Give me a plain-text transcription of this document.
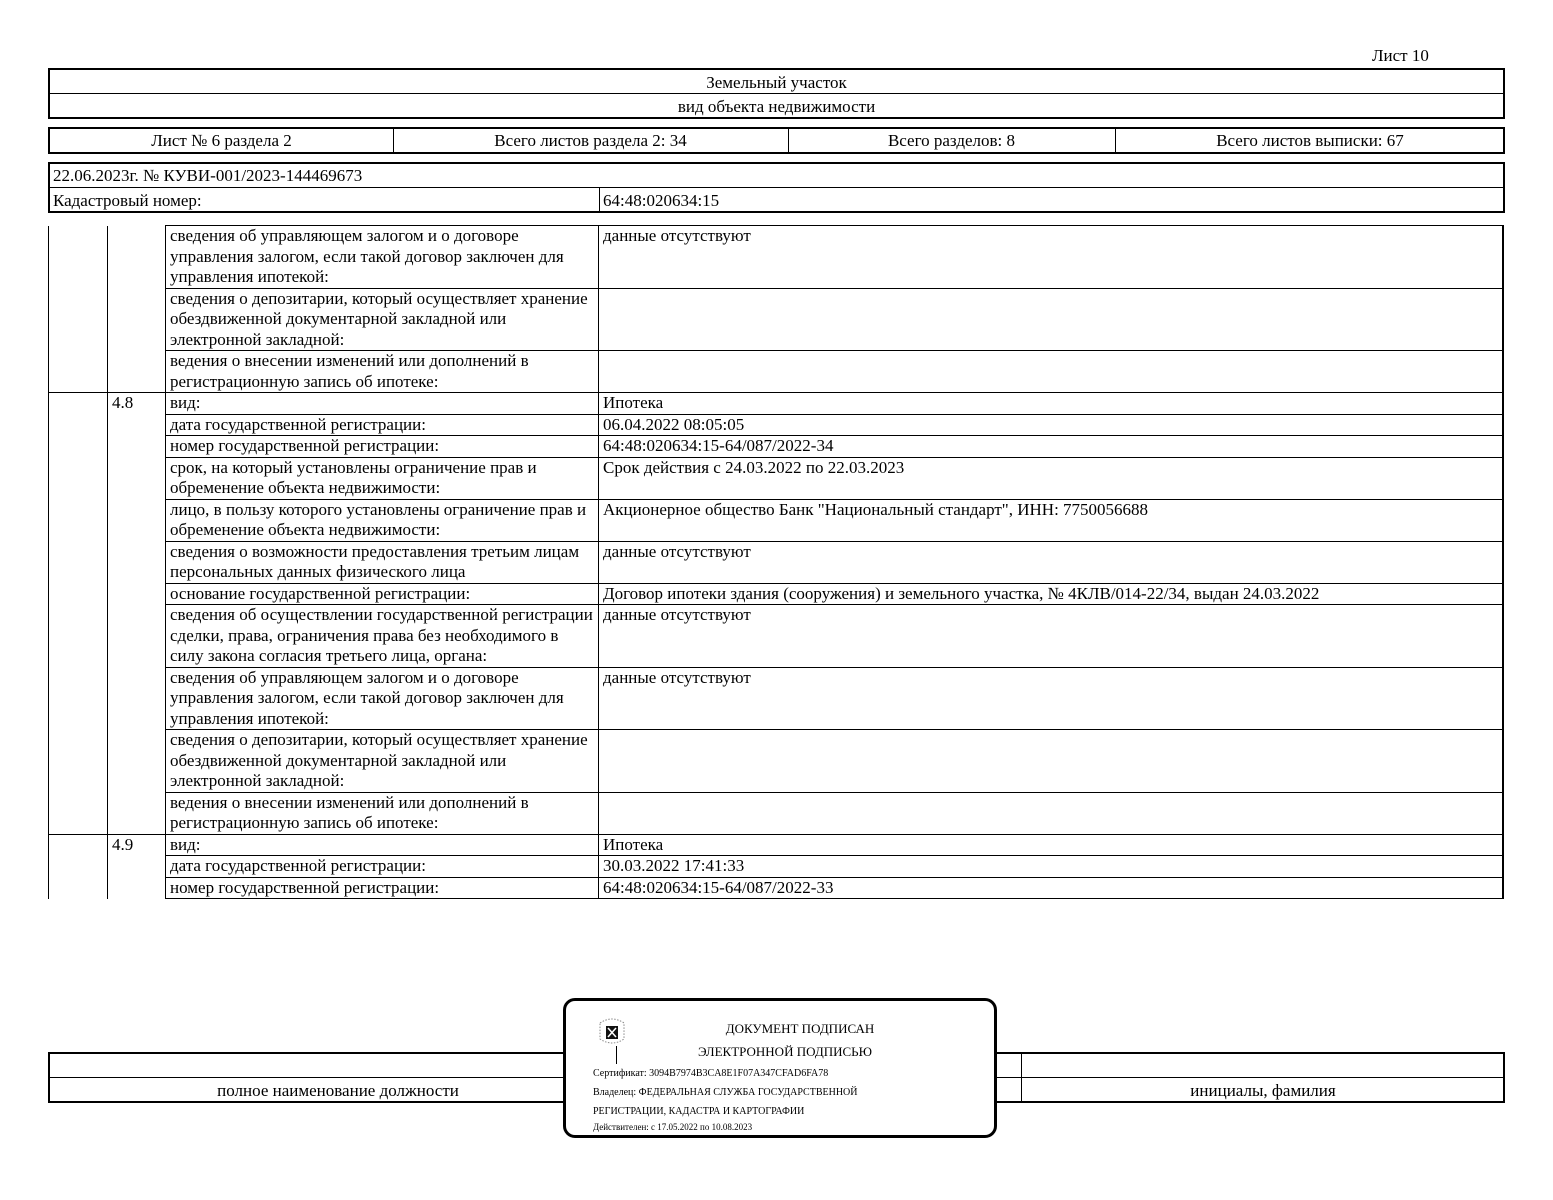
Лист 10
Земельный участок
вид объекта недвижимости
Лист № 6 раздела 2	Всего листов раздела 2: 34	Всего разделов: 8	Всего листов выписки: 67
22.06.2023г. № КУВИ-001/2023-144469673
Кадастровый номер:	64:48:020634:15
		сведения об управляющем залогом и о договоре управления залогом, если такой договор заключен для управления ипотекой:	данные отсутствуют
		сведения о депозитарии, который осуществляет хранение обездвиженной документарной закладной или электронной закладной:	
		ведения о внесении изменений или дополнений в регистрационную запись об ипотеке:	
	4.8	вид:	Ипотека
		дата государственной регистрации:	06.04.2022 08:05:05
		номер государственной регистрации:	64:48:020634:15-64/087/2022-34
		срок, на который установлены ограничение прав и обременение объекта недвижимости:	Срок действия с 24.03.2022 по 22.03.2023
		лицо, в пользу которого установлены ограничение прав и обременение объекта недвижимости:	Акционерное общество Банк "Национальный стандарт", ИНН: 7750056688
		сведения о возможности предоставления третьим лицам персональных данных физического лица	данные отсутствуют
		основание государственной регистрации:	Договор ипотеки здания (сооружения) и земельного участка, № 4КЛВ/014-22/34, выдан 24.03.2022
		сведения об осуществлении государственной регистрации сделки, права, ограничения права без необходимого в силу закона согласия третьего лица, органа:	данные отсутствуют
		сведения об управляющем залогом и о договоре управления залогом, если такой договор заключен для управления ипотекой:	данные отсутствуют
		сведения о депозитарии, который осуществляет хранение обездвиженной документарной закладной или электронной закладной:	
		ведения о внесении изменений или дополнений в регистрационную запись об ипотеке:	
	4.9	вид:	Ипотека
		дата государственной регистрации:	30.03.2022 17:41:33
		номер государственной регистрации:	64:48:020634:15-64/087/2022-33
полное наименование должности	инициалы, фамилия
ДОКУМЕНТ ПОДПИСАН
ЭЛЕКТРОННОЙ ПОДПИСЬЮ
Сертификат: 3094B7974B3CA8E1F07A347CFAD6FA78
Владелец: ФЕДЕРАЛЬНАЯ СЛУЖБА ГОСУДАРСТВЕННОЙ
РЕГИСТРАЦИИ, КАДАСТРА И КАРТОГРАФИИ
Действителен: с 17.05.2022 по 10.08.2023
